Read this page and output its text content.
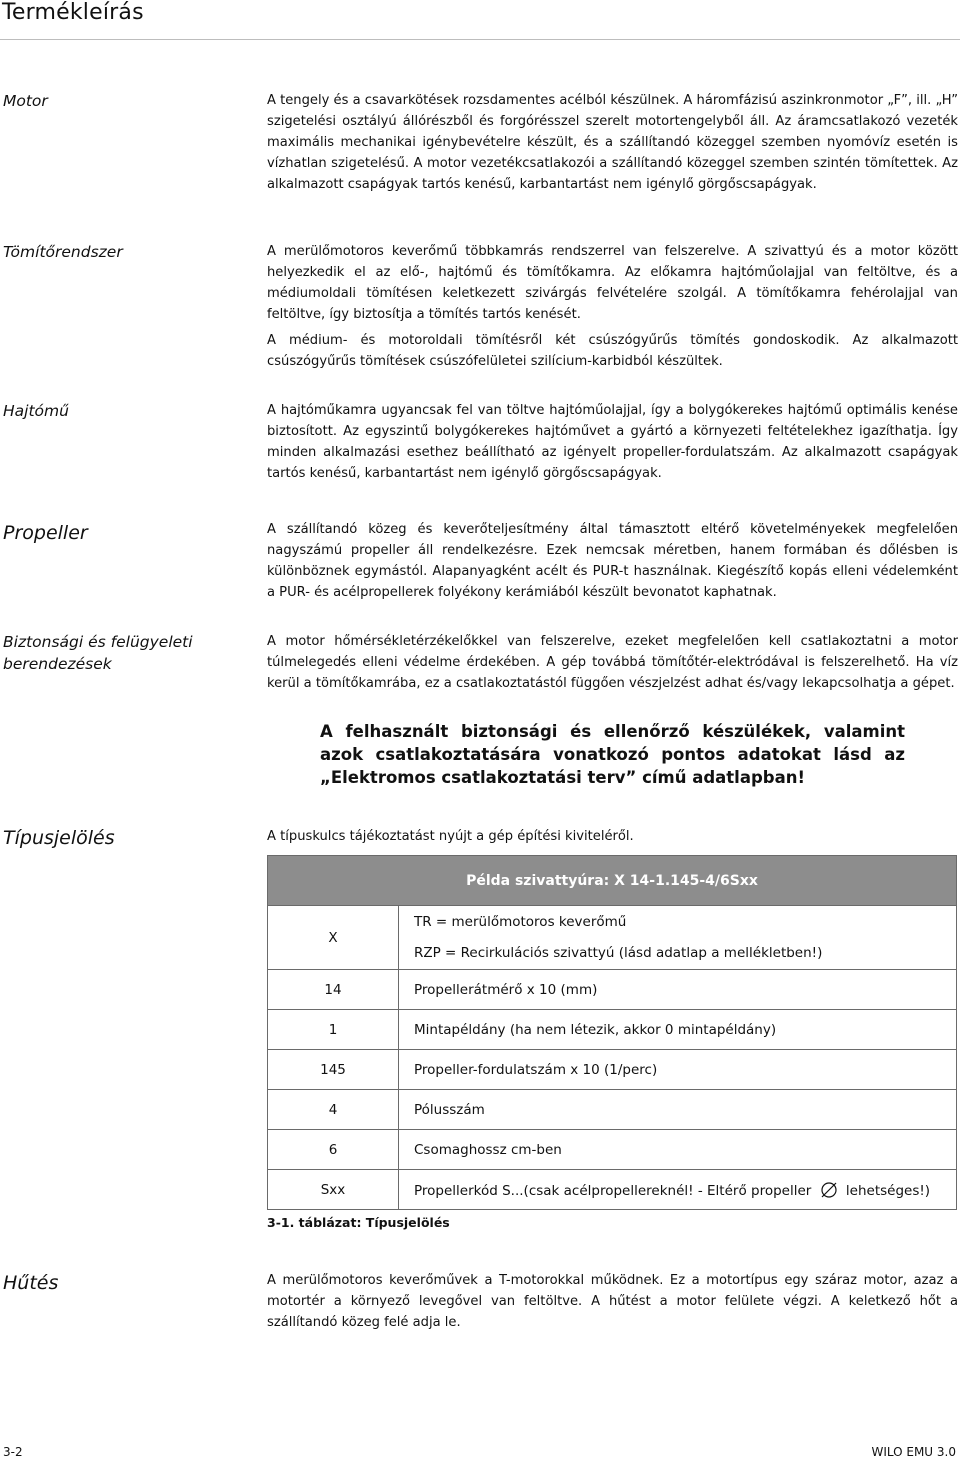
Termékleírás
Motor	A tengely és a csavarkötések rozsdamentes acélból készülnek. A háromfázisú aszinkronmotor „F”, ill. „H” szigetelési osztályú állórészből és forgórésszel szerelt motortengelyből áll. Az áramcsatlakozó vezeték maximális mechanikai igénybevételre készült, és a szállítandó közeggel szemben nyomóvíz esetén is vízhatlan szigetelésű. A motor vezetékcsatlakozói a szállítandó közeggel szemben szintén tömítettek. Az alkalmazott csapágyak tartós kenésű, karbantartást nem igénylő görgőscsapágyak.

Tömítőrendszer	A merülőmotoros keverőmű többkamrás rendszerrel van felszerelve. A szivattyú és a motor között helyezkedik el az elő-, hajtómű és tömítőkamra. Az előkamra hajtóműolajjal van feltöltve, és a médiumoldali tömítésen keletkezett szivárgás felvételére szolgál. A tömítőkamra fehérolajjal van feltöltve, így biztosítja a tömítés tartós kenését.

A médium- és motoroldali tömítésről két csúszógyűrűs tömítés gondoskodik. Az alkalmazott csúszógyűrűs tömítések csúszófelületei szilícium-karbidból készültek.

Hajtómű	A hajtóműkamra ugyancsak fel van töltve hajtóműolajjal, így a bolygókerekes hajtómű optimális kenése biztosított. Az egyszintű bolygókerekes hajtóművet a gyártó a környezeti feltételekhez igazíthatja. Így minden alkalmazási esethez beállítható az igényelt propeller-fordulatszám. Az alkalmazott csapágyak tartós kenésű, karbantartást nem igénylő görgőscsapágyak.

Propeller	A szállítandó közeg és keverőteljesítmény által támasztott eltérő követelményekek megfelelően nagyszámú propeller áll rendelkezésre. Ezek nemcsak méretben, hanem formában és dőlésben is különböznek egymástól. Alapanyagként acélt és PUR-t használnak. Kiegészítő kopás elleni védelemként a PUR- és acélpropellerek folyékony kerámiából készült bevonatot kaphatnak.

Biztonsági és felügyeleti
berendezések

A motor hőmérsékletérzékelőkkel van felszerelve, ezeket megfelelően kell csatlakoztatni a motor túlmelegedés elleni védelme érdekében. A gép továbbá tömítőtér-elektródával is felszerelhető. Ha víz kerül a tömítőkamrába, ez a csatlakoztatástól függően vészjelzést adhat és/vagy lekapcsolhatja a gépet.

A felhasznált biztonsági és ellenőrző készülékek, valamint azok csatlakoztatására vonatkozó pontos adatokat lásd az „Elektromos csatlakoztatási terv” című adatlapban!

Típusjelölés	A típuskulcs tájékoztatást nyújt a gép építési kiviteléről.

Példa szivattyúra: X 14-1.145-4/6Sxx	
X	TR = merülőmotoros keverőmű
RZP = Recirkulációs szivattyú (lásd adatlap a mellékletben!)

14	Propellerátmérő x 10 (mm)
1	Mintapéldány (ha nem létezik, akkor 0 mintapéldány)
145	Propeller-fordulatszám x 10 (1/perc)
4	Pólusszám
6	Csomaghossz cm-ben
Sxx	Propellerkód S...(csak acélpropellereknél! - Eltérő propeller lehetséges!)
3-1. táblázat: Típusjelölés
Hűtés	A merülőmotoros keverőművek a T-motorokkal működnek. Ez a motortípus egy száraz motor, azaz a motortér a környező levegővel van feltöltve. A hűtést a motor felülete végzi. A keletkező hőt a szállítandó közeg felé adja le.

3-2	WILO EMU 3.0
